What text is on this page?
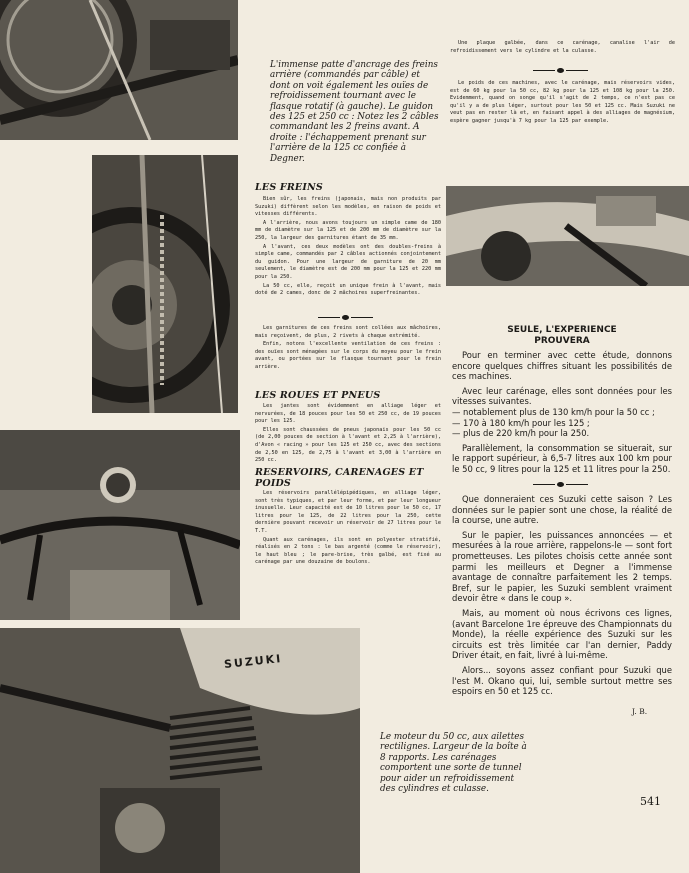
SUZUKI
L'immense patte d'ancrage des freins arrière (commandés par câble) et dont on voit également les ouïes de refroidissement tournant avec le flasque rotatif (à gauche). Le guidon des 125 et 250 cc : Notez les 2 câbles commandant les 2 freins avant. A droite : l'échappement prenant sur l'arrière de la 125 cc confiée à Degner.
LES FREINS

Bien sûr, les freins (japonais, mais non produits par Suzuki) diffèrent selon les modèles, en raison de poids et vitesses différents.

A l'arrière, nous avons toujours un simple came de 180 mm de diamètre sur la 125 et de 200 mm de diamètre sur la 250, la largeur des garnitures étant de 35 mm.

A l'avant, ces deux modèles ont des doubles-freins à simple came, commandés par 2 câbles actionnés conjointement du guidon. Pour une largeur de garniture de 20 mm seulement, le diamètre est de 200 mm pour la 125 et 220 mm pour la 250.

La 50 cc, elle, reçoit un unique frein à l'avant, mais doté de 2 cames, donc de 2 mâchoires superfreinantes.

Les garnitures de ces freins sont collées aux mâchoires, mais reçoivent, de plus, 2 rivets à chaque extrémité.

Enfin, notons l'excellente ventilation de ces freins : des ouïes sont ménagées sur le corps du moyeu pour le frein avant, ou portées sur le flasque tournant pour le frein arrière.

LES ROUES ET PNEUS

Les jantes sont évidemment en alliage léger et nervurées, de 18 pouces pour les 50 et 250 cc, de 19 pouces pour les 125.

Elles sont chaussées de pneus japonais pour les 50 cc (de 2,00 pouces de section à l'avant et 2,25 à l'arrière), d'Avon « racing » pour les 125 et 250 cc, avec des sections de 2,50 en 125, de 2,75 à l'avant et 3,00 à l'arrière en 250 cc.

RESERVOIRS, CARENAGES ET POIDS

Les réservoirs parallélépipédiques, en alliage léger, sont très typiques, et par leur forme, et par leur longueur inusuelle. Leur capacité est de 10 litres pour le 50 cc, 17 litres pour le 125, de 22 litres pour la 250, cette dernière pouvant recevoir un réservoir de 27 litres pour le T.T.

Quant aux carénages, ils sont en polyester stratifié, réalisés en 2 tons : le bas argenté (comme le réservoir), le haut bleu ; le pare-brise, très galbé, est fixé au carénage par une douzaine de boulons.

Une plaque galbée, dans ce carénage, canalise l'air de refroidissement vers le cylindre et la culasse.

Le poids de ces machines, avec le carénage, mais réservoirs vides, est de 60 kg pour la 50 cc, 82 kg pour la 125 et 108 kg pour la 250. Evidemment, quand on songe qu'il s'agit de 2 temps, ce n'est pas ce qu'il y a de plus léger, surtout pour les 50 et 125 cc. Mais Suzuki ne veut pas en rester là et, en faisant appel à des alliages de magnésium, espère gagner jusqu'à 7 kg pour la 125 par exemple.

SEULE, L'EXPERIENCE
PROUVERA

Pour en terminer avec cette étude, donnons encore quelques chiffres situant les possibilités de ces machines.

Avec leur carénage, elles sont données pour les vitesses suivantes.

— notablement plus de 130 km/h pour la 50 cc ;
— 170 à 180 km/h pour les 125 ;
— plus de 220 km/h pour la 250.

Parallèlement, la consommation se situerait, sur le rapport supérieur, à 6,5-7 litres aux 100 km pour le 50 cc, 9 litres pour la 125 et 11 litres pour la 250.

Que donneraient ces Suzuki cette saison ? Les données sur le papier sont une chose, la réalité de la course, une autre.

Sur le papier, les puissances annoncées — et mesurées à la roue arrière, rappelons-le — sont fort prometteuses. Les pilotes choisis cette année sont parmi les meilleurs et Degner a l'immense avantage de connaître parfaitement les 2 temps. Bref, sur le papier, les Suzuki semblent vraiment devoir être « dans le coup ».

Mais, au moment où nous écrivons ces lignes, (avant Barcelone 1re épreuve des Championnats du Monde), la réelle expérience des Suzuki sur les circuits est très limitée car l'an dernier, Paddy Driver était, en fait, livré à lui-même.

Alors... soyons assez confiant pour Suzuki que l'est M. Okano qui, lui, semble surtout mettre ses espoirs en 50 et 125 cc.

J. B.
Le moteur du 50 cc, aux ailettes rectilignes. Largeur de la boîte à 8 rapports. Les carénages comportent une sorte de tunnel pour aider un refroidissement des cylindres et culasse.
541
